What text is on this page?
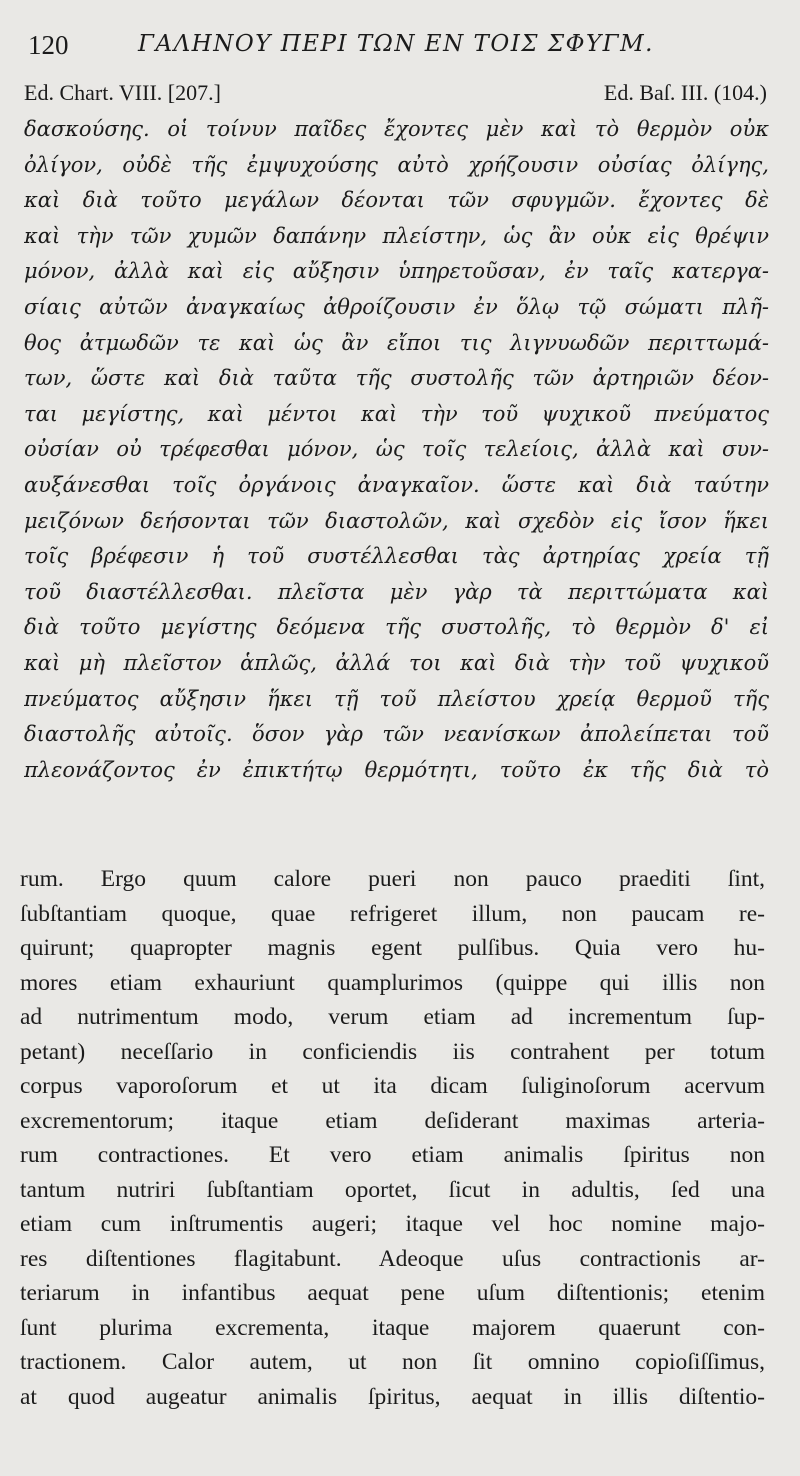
120	ΓΑΛΗΝΟΥ ΠΕΡΙ ΤΩΝ ΕΝ ΤΟΙΣ ΣΦΥΓΜ.
Ed. Chart. VIII. [207.]	Ed. Baſ. III. (104.)
δασκούσης. οἱ τοίνυν παῖδες ἔχοντες μὲν καὶ τὸ θερμὸν οὐκ
ὀλίγον, οὐδὲ τῆς ἐμψυχούσης αὐτὸ χρήζουσιν οὐσίας ὀλίγης,
καὶ διὰ τοῦτο μεγάλων δέονται τῶν σφυγμῶν. ἔχοντες δὲ
καὶ τὴν τῶν χυμῶν δαπάνην πλείστην, ὡς ἂν οὐκ εἰς θρέψιν
μόνον, ἀλλὰ καὶ εἰς αὔξησιν ὑπηρετοῦσαν, ἐν ταῖς κατεργα-
σίαις αὐτῶν ἀναγκαίως ἀθροίζουσιν ἐν ὅλῳ τῷ σώματι πλῆ-
θος ἀτμωδῶν τε καὶ ὡς ἂν εἴποι τις λιγνυωδῶν περιττωμά-
των, ὥστε καὶ διὰ ταῦτα τῆς συστολῆς τῶν ἀρτηριῶν δέον-
ται μεγίστης, καὶ μέντοι καὶ τὴν τοῦ ψυχικοῦ πνεύματος
οὐσίαν οὐ τρέφεσθαι μόνον, ὡς τοῖς τελείοις, ἀλλὰ καὶ συν-
αυξάνεσθαι τοῖς ὀργάνοις ἀναγκαῖον. ὥστε καὶ διὰ ταύτην
μειζόνων δεήσονται τῶν διαστολῶν, καὶ σχεδὸν εἰς ἴσον ἥκει
τοῖς βρέφεσιν ἡ τοῦ συστέλλεσθαι τὰς ἀρτηρίας χρεία τῇ
τοῦ διαστέλλεσθαι. πλεῖστα μὲν γὰρ τὰ περιττώματα καὶ
διὰ τοῦτο μεγίστης δεόμενα τῆς συστολῆς, τὸ θερμὸν δ' εἰ
καὶ μὴ πλεῖστον ἁπλῶς, ἀλλά τοι καὶ διὰ τὴν τοῦ ψυχικοῦ
πνεύματος αὔξησιν ἥκει τῇ τοῦ πλείστου χρείᾳ θερμοῦ τῆς
διαστολῆς αὐτοῖς. ὅσον γὰρ τῶν νεανίσκων ἀπολείπεται τοῦ
πλεονάζοντος ἐν ἐπικτήτῳ θερμότητι, τοῦτο ἐκ τῆς διὰ τὸ
rum. Ergo quum calore pueri non pauco praediti ſint,
ſubſtantiam quoque, quae refrigeret illum, non paucam re-
quirunt; quapropter magnis egent pulſibus. Quia vero hu-
mores etiam exhauriunt quamplurimos (quippe qui illis non
ad nutrimentum modo, verum etiam ad incrementum ſup-
petant) neceſſario in conficiendis iis contrahent per totum
corpus vaporoſorum et ut ita dicam ſuliginoſorum acervum
excrementorum; itaque etiam deſiderant maximas arteria-
rum contractiones. Et vero etiam animalis ſpiritus non
tantum nutriri ſubſtantiam oportet, ſicut in adultis, ſed una
etiam cum inſtrumentis augeri; itaque vel hoc nomine majo-
res diſtentiones flagitabunt. Adeoque uſus contractionis ar-
teriarum in infantibus aequat pene uſum diſtentionis; etenim
ſunt plurima excrementa, itaque majorem quaerunt con-
tractionem. Calor autem, ut non ſit omnino copioſiſſimus,
at quod augeatur animalis ſpiritus, aequat in illis diſtentio-
